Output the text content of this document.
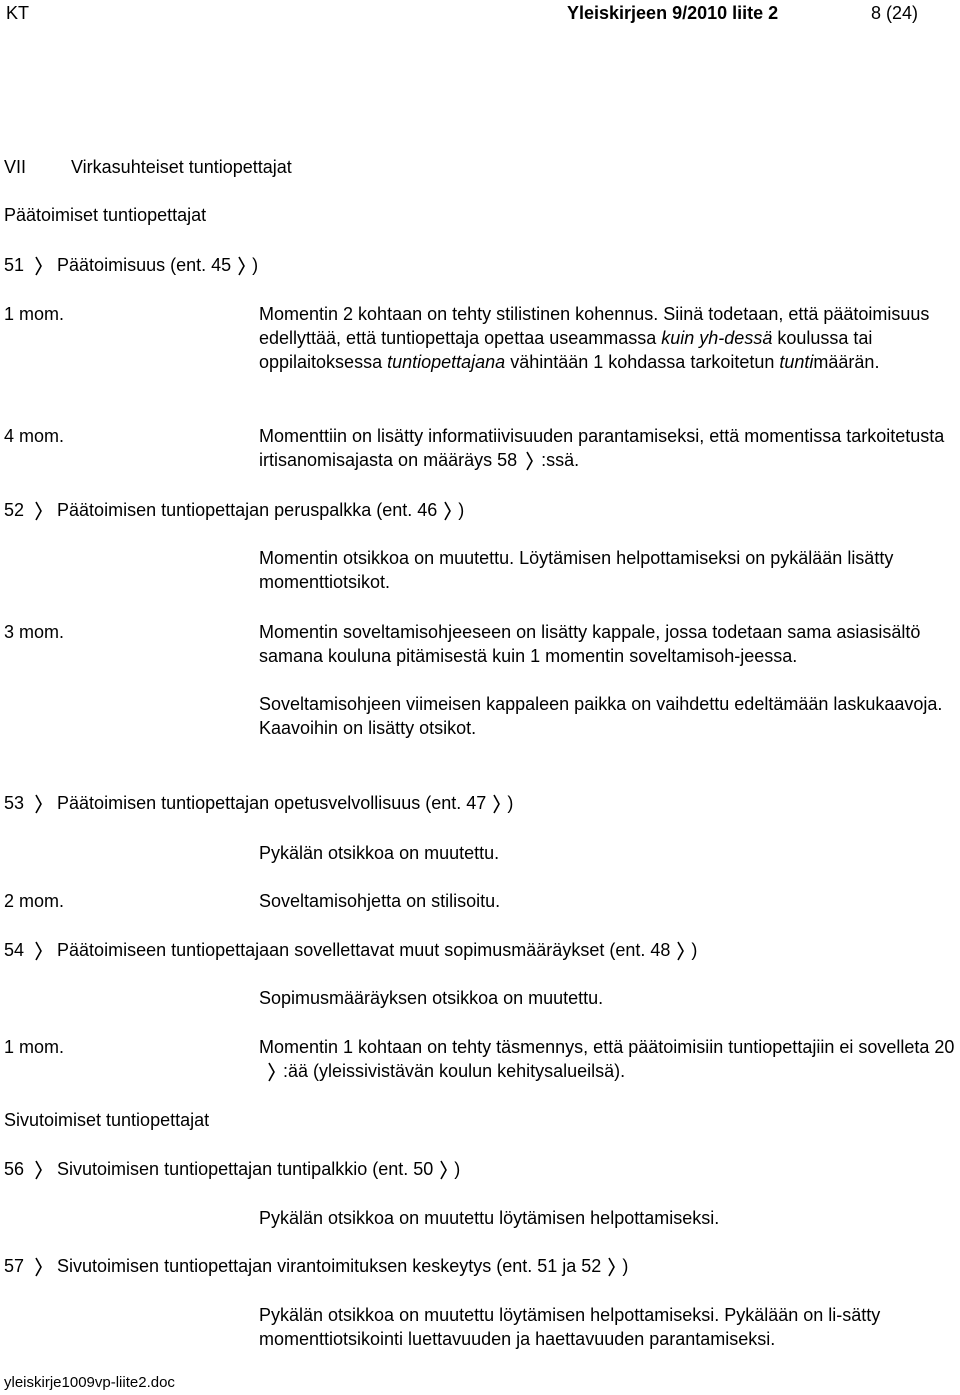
KT	Yleiskirjeen 9/2010 liite 2	8 (24)
VII Virkasuhteiset tuntiopettajat
Päätoimiset tuntiopettajat
51 Päätoimisuus (ent. 45 )
1 mom.	Momentin 2 kohtaan on tehty stilistinen kohennus. Siinä todetaan, että päätoimisuus edellyttää, että tuntiopettaja opettaa useammassa kuin yh-dessä koulussa tai oppilaitoksessa tuntiopettajana vähintään 1 kohdassa tarkoitetun tuntimäärän.

4 mom.	Momenttiin on lisätty informatiivisuuden parantamiseksi, että momentissa tarkoitetusta irtisanomisajasta on määräys 58 :ssä.

52 Päätoimisen tuntiopettajan peruspalkka (ent. 46 )
Momentin otsikkoa on muutettu. Löytämisen helpottamiseksi on pykälään lisätty momenttiotsikot.
3 mom.	Momentin soveltamisohjeeseen on lisätty kappale, jossa todetaan sama asiasisältö samana kouluna pitämisestä kuin 1 momentin soveltamisoh-jeessa.

Soveltamisohjeen viimeisen kappaleen paikka on vaihdettu edeltämään laskukaavoja. Kaavoihin on lisätty otsikot.

53 Päätoimisen tuntiopettajan opetusvelvollisuus (ent. 47 )
Pykälän otsikkoa on muutettu.
2 mom.	Soveltamisohjetta on stilisoitu.
54 Päätoimiseen tuntiopettajaan sovellettavat muut sopimusmääräykset (ent. 48 )
Sopimusmääräyksen otsikkoa on muutettu.
1 mom.	Momentin 1 kohtaan on tehty täsmennys, että päätoimisiin tuntiopettajiin ei sovelleta 20:ää (yleissivistävän koulun kehitysalueilsä).

Sivutoimiset tuntiopettajat
56 Sivutoimisen tuntiopettajan tuntipalkkio (ent. 50 )
Pykälän otsikkoa on muutettu löytämisen helpottamiseksi.
57 Sivutoimisen tuntiopettajan virantoimituksen keskeytys (ent. 51 ja 52 )
Pykälän otsikkoa on muutettu löytämisen helpottamiseksi. Pykälään on li-sätty momenttiotsikointi luettavuuden ja haettavuuden parantamiseksi.
yleiskirje1009vp-liite2.doc
